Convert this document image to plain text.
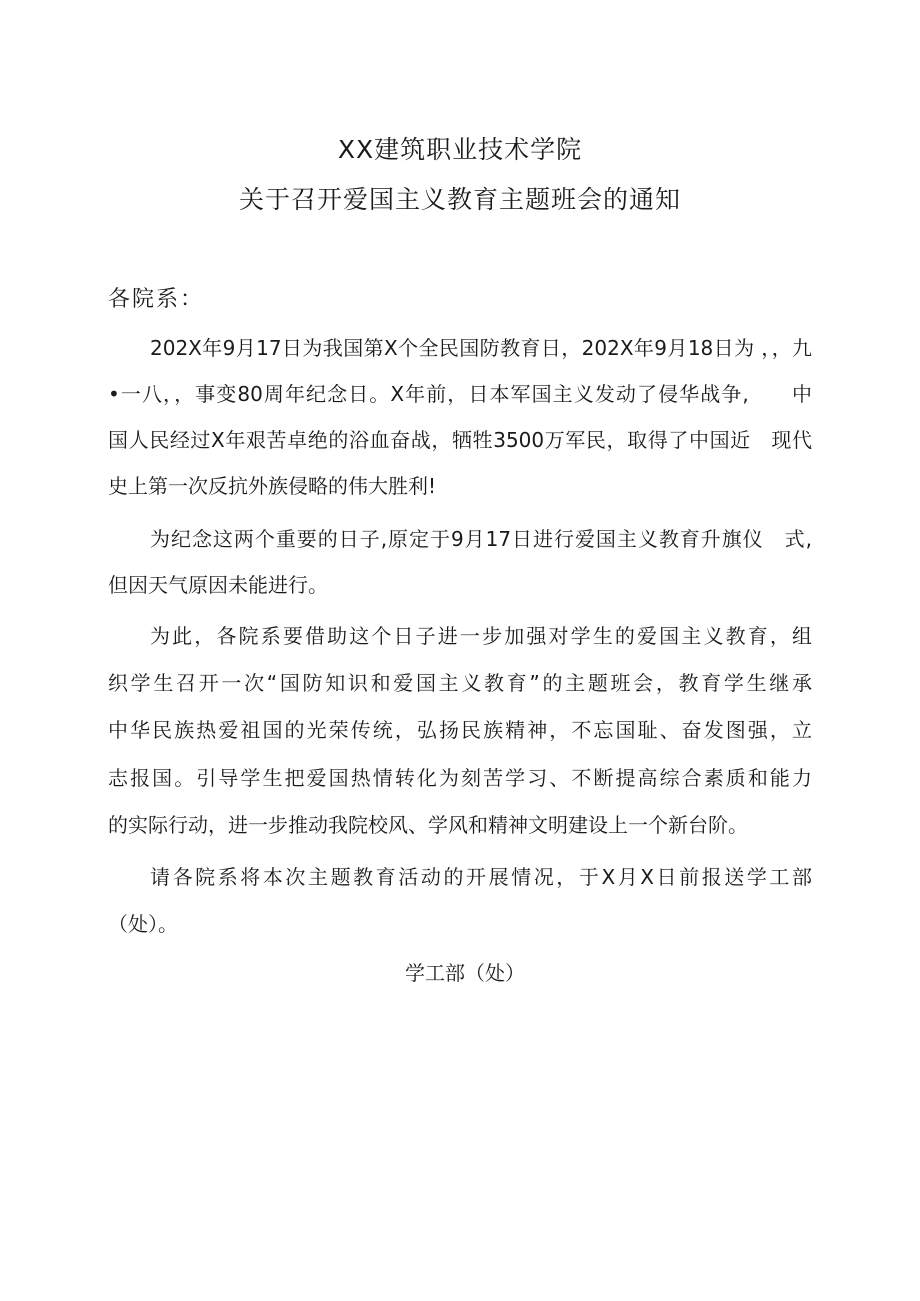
XX建筑职业技术学院
关于召开爱国主义教育主题班会的通知
各院系：
202X年9月17日为我国第X个全民国防教育日，202X年9月18日为 ，，九
•一八，，事变80周年纪念日。X年前，日本军国主义发动了侵华战争,　　中
国人民经过X年艰苦卓绝的浴血奋战，牺牲3500万军民，取得了中国近　现代
史上第一次反抗外族侵略的伟大胜利!
为纪念这两个重要的日子,原定于9月17日进行爱国主义教育升旗仪　式,
但因天气原因未能进行。
为此，各院系要借助这个日子进一步加强对学生的爱国主义教育，组
织学生召开一次“国防知识和爱国主义教育”的主题班会，教育学生继承
中华民族热爱祖国的光荣传统，弘扬民族精神，不忘国耻、奋发图强，立
志报国。引导学生把爱国热情转化为刻苦学习、不断提高综合素质和能力
的实际行动，进一步推动我院校风、学风和精神文明建设上一个新台阶。
请各院系将本次主题教育活动的开展情况，于X月X日前报送学工部
（处）。
学工部（处）
